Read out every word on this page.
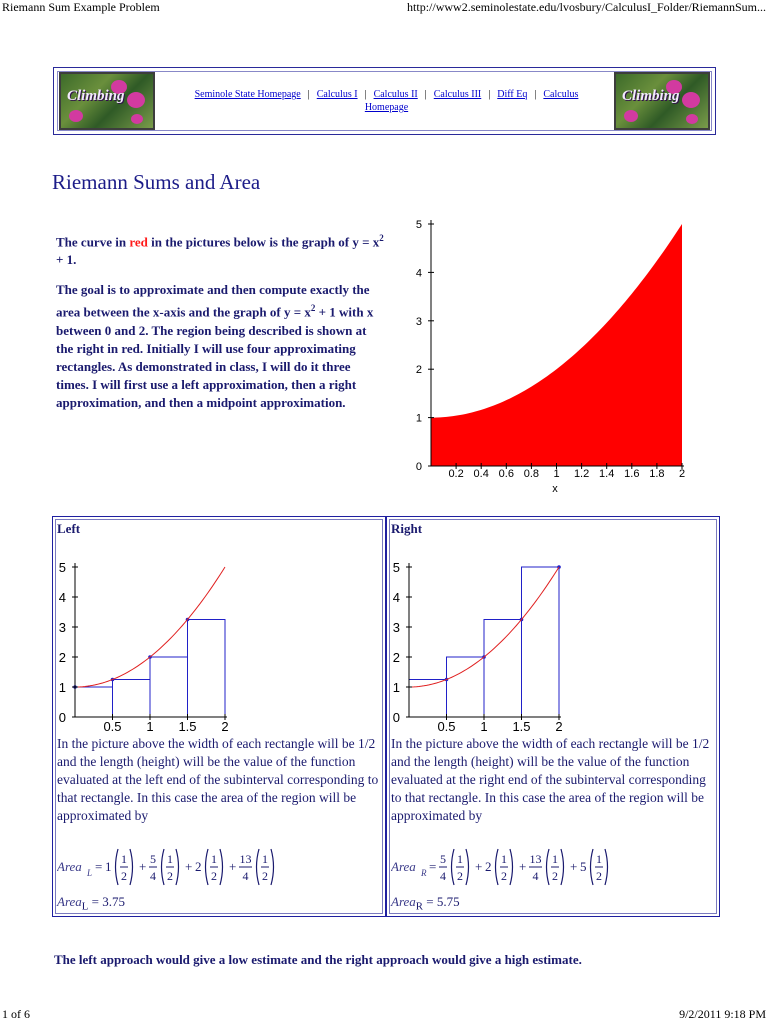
Riemann Sum Example Problem	http://www2.seminolestate.edu/lvosbury/CalculusI_Folder/RiemannSum...
Climbing	Seminole State Homepage | Calculus I | Calculus II | Calculus III | Diff Eq | Calculus Homepage
Climbing
Riemann Sums and Area

The curve in red in the pictures below is the graph of $y = x^2 + 1$.

The goal is to approximate and then compute exactly the area between the x-axis and the graph of $y = x^2 + 1$ with x between 0 and 2. The region being described is shown at the right in red. Initially I will use four approximating rectangles. As demonstrated in class, I will do it three times. I will first use a left approximation, then a right approximation, and then a midpoint approximation.

0
1
2
3
4
5
0.2 0.4 0.6 0.8 1 1.2 1.4 1.6 1.8 2
x
Left
0
1
2
3
4
5
0.5 1 1.5 2
In the picture above the width of each rectangle will be 1/2 and the length (height) will be the value of the function evaluated at the left end of the subinterval corresponding to that rectangle. In this case the area of the region will be approximated by
Area L = 1 1
2
+ 5
4
1
2
+ 2 1
2
+ 13
4
1
2
Area$_L$ = 3.75
Right
0
1
2
3
4
5
0.5 1 1.5 2
In the picture above the width of each rectangle will be 1/2 and the length (height) will be the value of the function evaluated at the right end of the subinterval corresponding to that rectangle. In this case the area of the region will be approximated by
Area R = 5
4
1
2
+ 2 1
2
+ 13
4
1
2
+ 5 1
2
Area$_R$ = 5.75
The left approach would give a low estimate and the right approach would give a high estimate.
1 of 6	9/2/2011 9:18 PM
